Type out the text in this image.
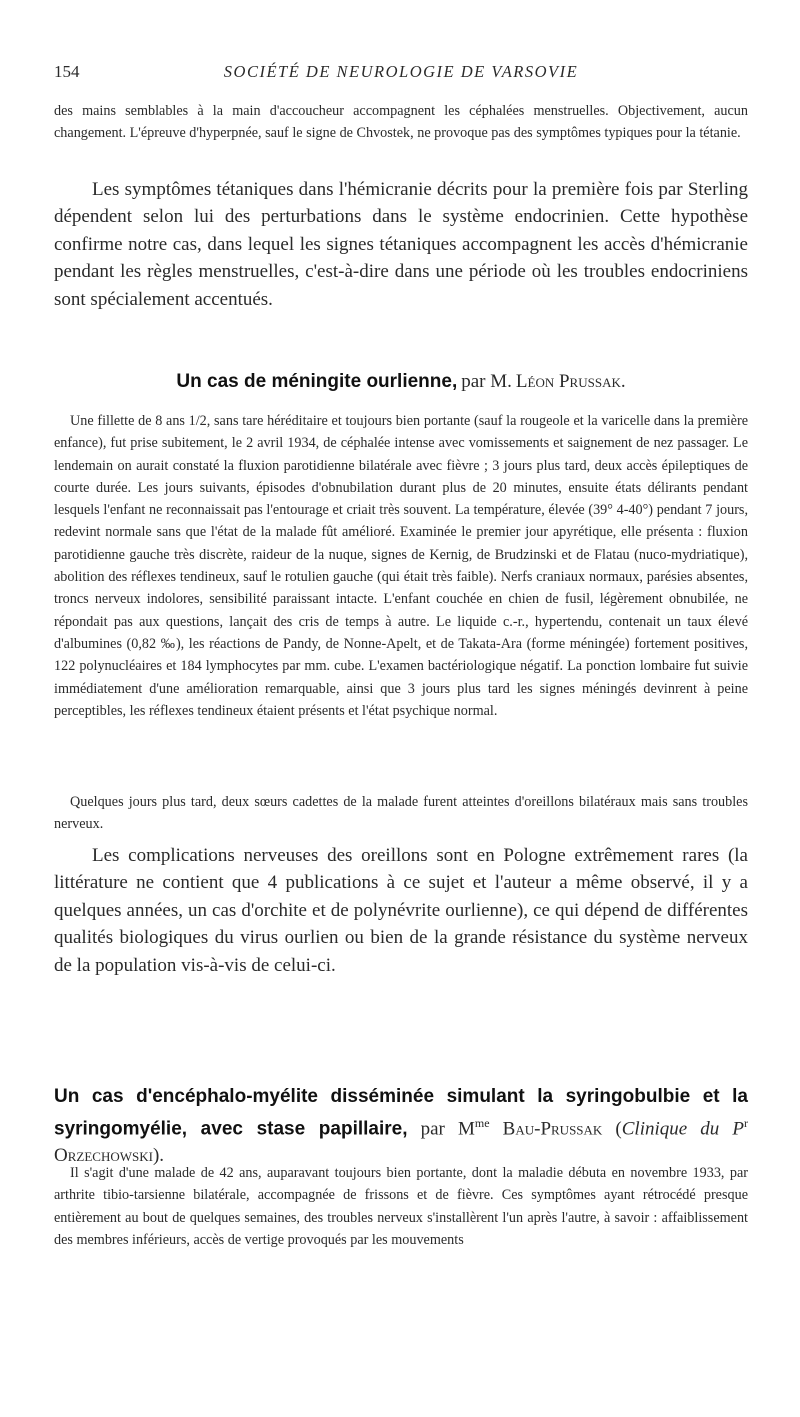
154	SOCIÉTÉ DE NEUROLOGIE DE VARSOVIE

des mains semblables à la main d'accoucheur accompagnent les céphalées menstruelles. Objectivement, aucun changement. L'épreuve d'hyperpnée, sauf le signe de Chvostek, ne provoque pas des symptômes typiques pour la tétanie.

Les symptômes tétaniques dans l'hémicranie décrits pour la première fois par Sterling dépendent selon lui des perturbations dans le système endocrinien. Cette hypothèse confirme notre cas, dans lequel les signes tétaniques accompagnent les accès d'hémicranie pendant les règles menstruelles, c'est-à-dire dans une période où les troubles endocriniens sont spécialement accentués.

Un cas de méningite ourlienne, par M. Léon Prussak.

Une fillette de 8 ans 1/2, sans tare héréditaire et toujours bien portante (sauf la rougeole et la varicelle dans la première enfance), fut prise subitement, le 2 avril 1934, de céphalée intense avec vomissements et saignement de nez passager. Le lendemain on aurait constaté la fluxion parotidienne bilatérale avec fièvre ; 3 jours plus tard, deux accès épileptiques de courte durée. Les jours suivants, épisodes d'obnubilation durant plus de 20 minutes, ensuite états délirants pendant lesquels l'enfant ne reconnaissait pas l'entourage et criait très souvent. La température, élevée (39° 4-40°) pendant 7 jours, redevint normale sans que l'état de la malade fût amélioré. Examinée le premier jour apyrétique, elle présenta : fluxion parotidienne gauche très discrète, raideur de la nuque, signes de Kernig, de Brudzinski et de Flatau (nuco-mydriatique), abolition des réflexes tendineux, sauf le rotulien gauche (qui était très faible). Nerfs craniaux normaux, parésies absentes, troncs nerveux indolores, sensibilité paraissant intacte. L'enfant couchée en chien de fusil, légèrement obnubilée, ne répondait pas aux questions, lançait des cris de temps à autre. Le liquide c.-r., hypertendu, contenait un taux élevé d'albumines (0,82 ‰), les réactions de Pandy, de Nonne-Apelt, et de Takata-Ara (forme méningée) fortement positives, 122 polynucléaires et 184 lymphocytes par mm. cube. L'examen bactériologique négatif. La ponction lombaire fut suivie immédiatement d'une amélioration remarquable, ainsi que 3 jours plus tard les signes méningés devinrent à peine perceptibles, les réflexes tendineux étaient présents et l'état psychique normal.

Quelques jours plus tard, deux sœurs cadettes de la malade furent atteintes d'oreillons bilatéraux mais sans troubles nerveux.

Les complications nerveuses des oreillons sont en Pologne extrêmement rares (la littérature ne contient que 4 publications à ce sujet et l'auteur a même observé, il y a quelques années, un cas d'orchite et de polynévrite ourlienne), ce qui dépend de différentes qualités biologiques du virus ourlien ou bien de la grande résistance du système nerveux de la population vis-à-vis de celui-ci.

Un cas d'encéphalo-myélite disséminée simulant la syringobulbie et la syringomyélie, avec stase papillaire, par $M^{me}$ Bau-Prussak (Clinique du $P^r$ Orzechowski).

Il s'agit d'une malade de 42 ans, auparavant toujours bien portante, dont la maladie débuta en novembre 1933, par arthrite tibio-tarsienne bilatérale, accompagnée de frissons et de fièvre. Ces symptômes ayant rétrocédé presque entièrement au bout de quelques semaines, des troubles nerveux s'installèrent l'un après l'autre, à savoir : affaiblissement des membres inférieurs, accès de vertige provoqués par les mouvements
